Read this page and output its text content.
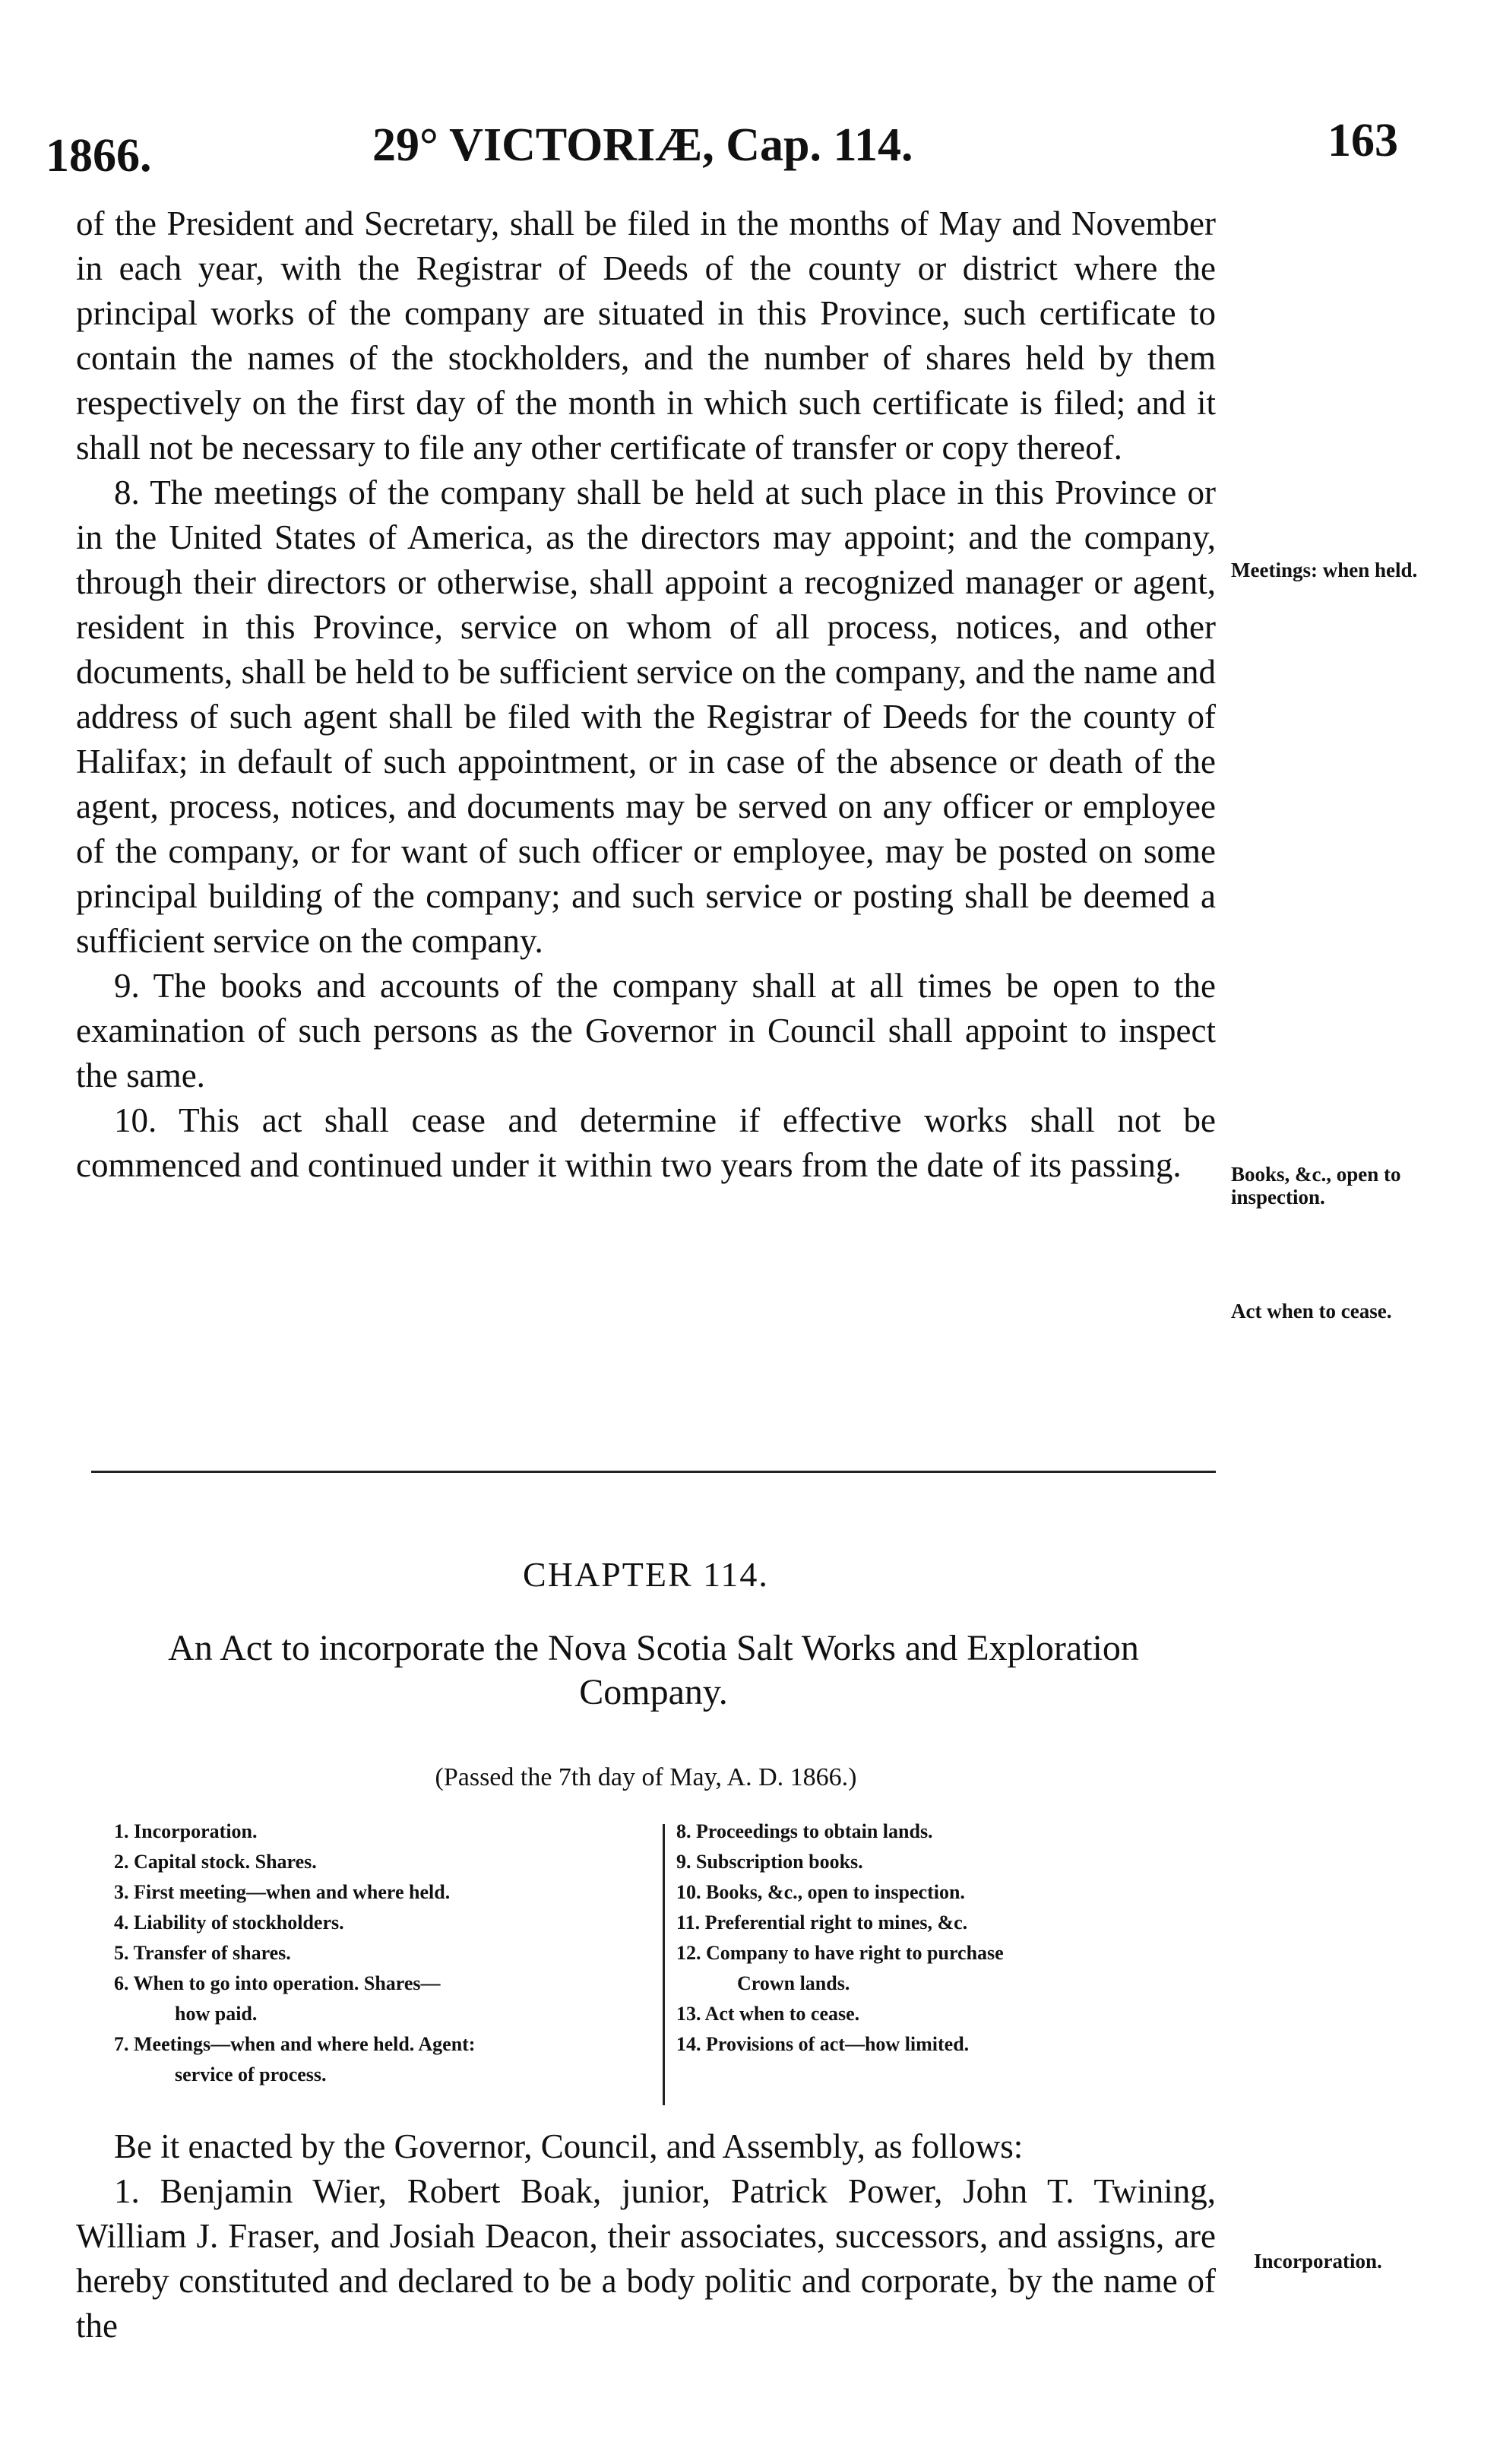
1866.	29° VICTORIÆ, Cap. 114.	163

of the President and Secretary, shall be filed in the months of May and November in each year, with the Registrar of Deeds of the county or district where the principal works of the company are situated in this Province, such certificate to contain the names of the stockholders, and the number of shares held by them respectively on the first day of the month in which such certificate is filed; and it shall not be necessary to file any other certificate of transfer or copy thereof.

8. The meetings of the company shall be held at such place in this Province or in the United States of America, as the directors may appoint; and the company, through their directors or otherwise, shall appoint a recognized manager or agent, resident in this Province, service on whom of all process, notices, and other documents, shall be held to be sufficient service on the company, and the name and address of such agent shall be filed with the Registrar of Deeds for the county of Halifax; in default of such appointment, or in case of the absence or death of the agent, process, notices, and documents may be served on any officer or employee of the company, or for want of such officer or employee, may be posted on some principal building of the company; and such service or posting shall be deemed a sufficient service on the company.

9. The books and accounts of the company shall at all times be open to the examination of such persons as the Governor in Council shall appoint to inspect the same.

10. This act shall cease and determine if effective works shall not be commenced and continued under it within two years from the date of its passing.

Meetings: when held.
Books, &c., open to inspection.
Act when to cease.
CHAPTER 114.
An Act to incorporate the Nova Scotia Salt Works and Exploration Company.
(Passed the 7th day of May, A. D. 1866.)

1. Incorporation.

2. Capital stock. Shares.

3. First meeting—when and where held.

4. Liability of stockholders.

5. Transfer of shares.

6. When to go into operation. Shares—
how paid.

7. Meetings—when and where held. Agent:
service of process.

8. Proceedings to obtain lands.

9. Subscription books.

10. Books, &c., open to inspection.

11. Preferential right to mines, &c.

12. Company to have right to purchase
Crown lands.

13. Act when to cease.

14. Provisions of act—how limited.

Be it enacted by the Governor, Council, and Assembly, as follows:

1. Benjamin Wier, Robert Boak, junior, Patrick Power, John T. Twining, William J. Fraser, and Josiah Deacon, their associates, successors, and assigns, are hereby constituted and declared to be a body politic and corporate, by the name of the

Incorporation.
